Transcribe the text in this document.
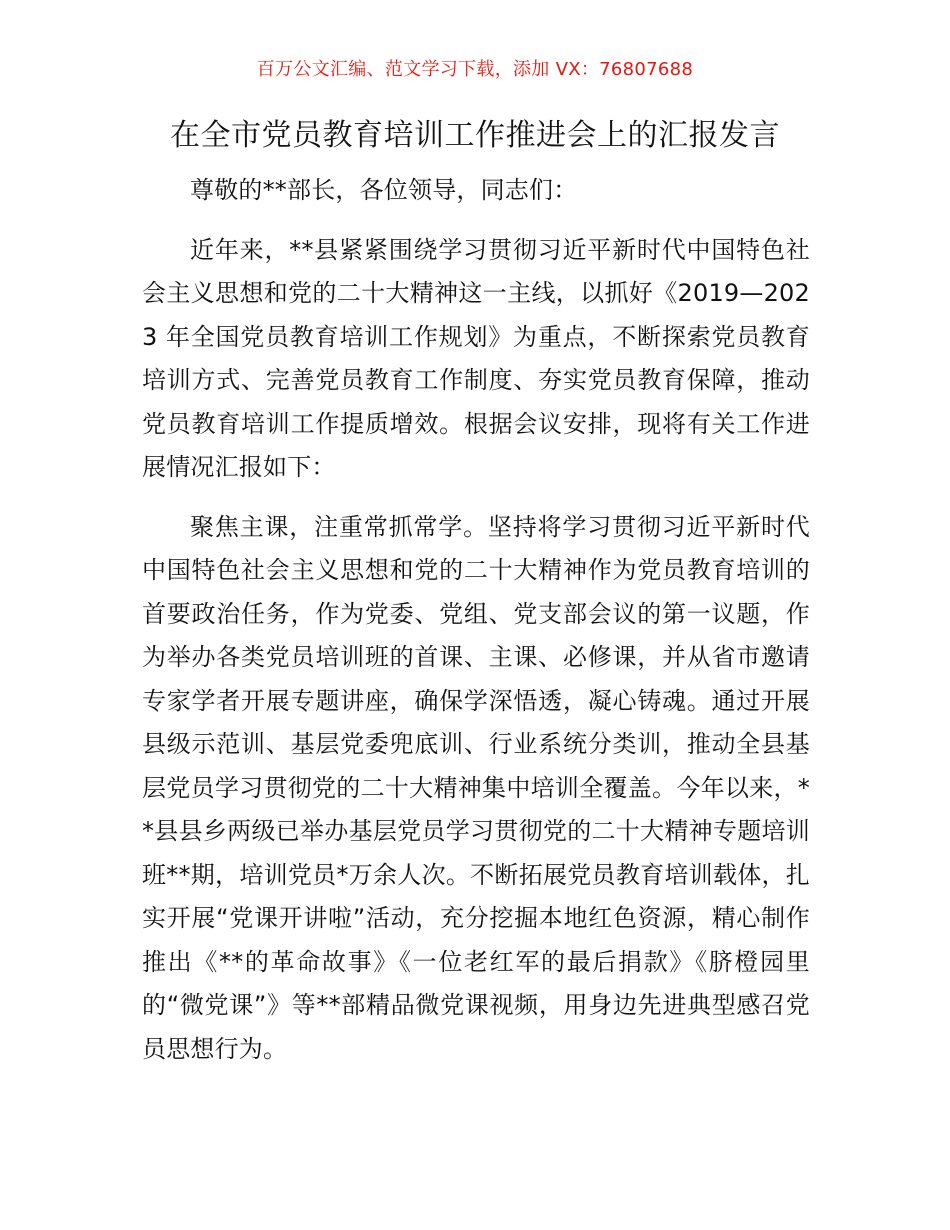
百万公文汇编、范文学习下载，添加 VX：76807688
在全市党员教育培训工作推进会上的汇报发言

尊敬的**部长，各位领导，同志们：

近年来，**县紧紧围绕学习贯彻习近平新时代中国特色社会主义思想和党的二十大精神这一主线，以抓好《2019—2023 年全国党员教育培训工作规划》为重点，不断探索党员教育培训方式、完善党员教育工作制度、夯实党员教育保障，推动党员教育培训工作提质增效。根据会议安排，现将有关工作进展情况汇报如下：

聚焦主课，注重常抓常学。坚持将学习贯彻习近平新时代中国特色社会主义思想和党的二十大精神作为党员教育培训的首要政治任务，作为党委、党组、党支部会议的第一议题，作为举办各类党员培训班的首课、主课、必修课，并从省市邀请专家学者开展专题讲座，确保学深悟透，凝心铸魂。通过开展县级示范训、基层党委兜底训、行业系统分类训，推动全县基层党员学习贯彻党的二十大精神集中培训全覆盖。今年以来，**县县乡两级已举办基层党员学习贯彻党的二十大精神专题培训班**期，培训党员*万余人次。不断拓展党员教育培训载体，扎实开展“党课开讲啦”活动，充分挖掘本地红色资源，精心制作推出《**的革命故事》《一位老红军的最后捐款》《脐橙园里的“微党课”》等**部精品微党课视频，用身边先进典型感召党员思想行为。
